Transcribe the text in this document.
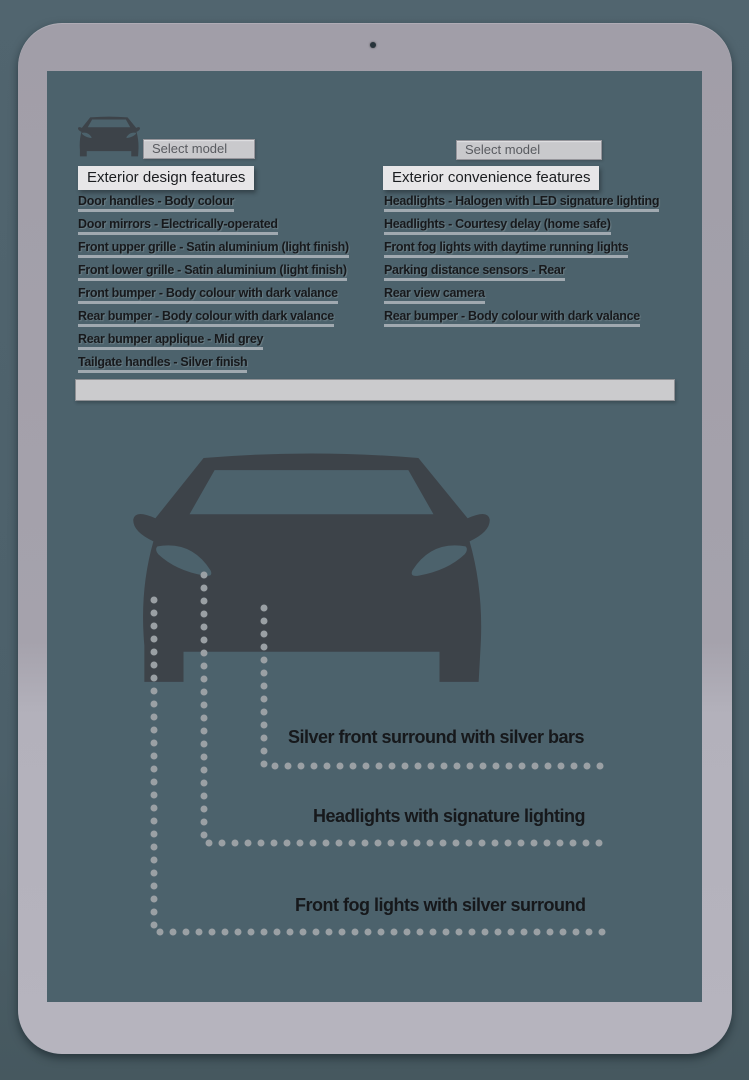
Select model	Select model
Exterior design features	Exterior convenience features
Door handles - Body colour
Door mirrors - Electrically-operated
Front upper grille - Satin aluminium (light finish)
Front lower grille - Satin aluminium (light finish)
Front bumper - Body colour with dark valance
Rear bumper - Body colour with dark valance
Rear bumper applique - Mid grey
Tailgate handles - Silver finish
Headlights - Halogen with LED signature lighting
Headlights - Courtesy delay (home safe)
Front fog lights with daytime running lights
Parking distance sensors - Rear
Rear view camera
Rear bumper - Body colour with dark valance
Silver front surround with silver bars
Headlights with signature lighting
Front fog lights with silver surround
